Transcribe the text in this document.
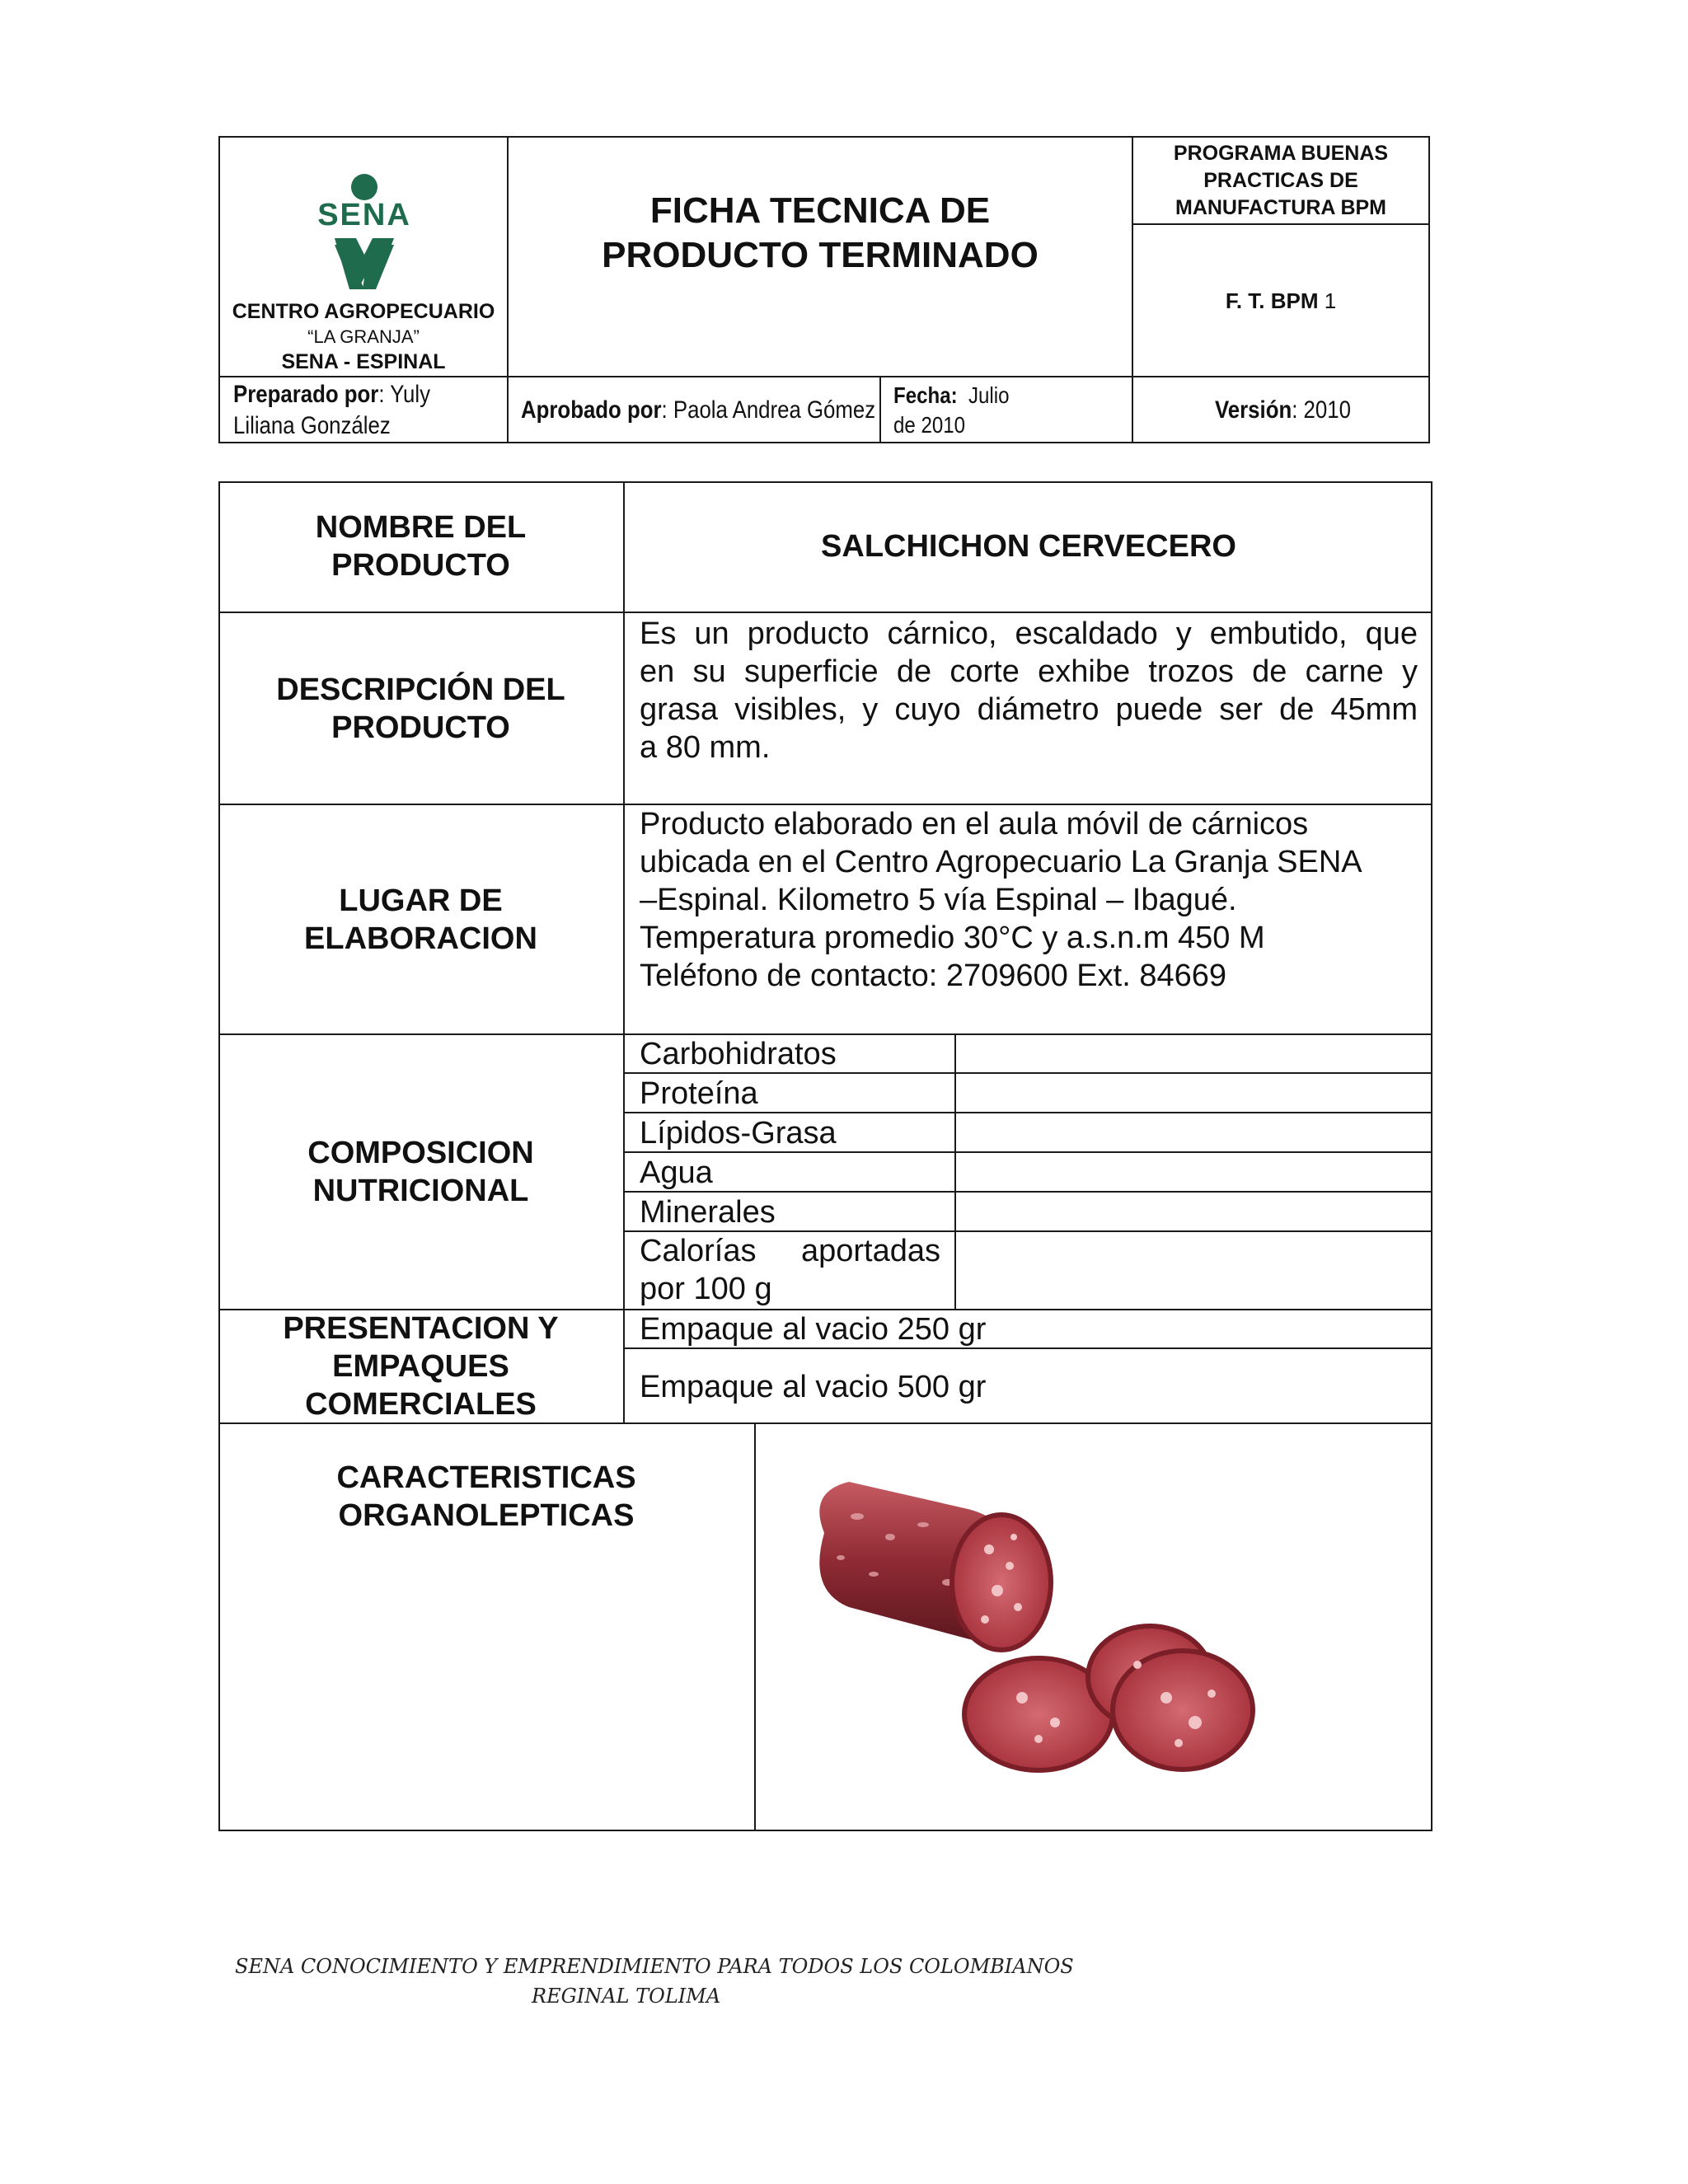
SENA
CENTRO AGROPECUARIO
“LA GRANJA”
SENA - ESPINAL
FICHA TECNICA DE
PRODUCTO TERMINADO
PROGRAMA BUENAS
PRACTICAS DE
MANUFACTURA BPM
F. T. BPM 1
Preparado por: Yuly
Liliana González
Aprobado por: Paola Andrea Gómez
Fecha: Julio
de 2010
Versión: 2010
NOMBRE DEL
PRODUCTO
SALCHICHON CERVECERO
DESCRIPCIÓN DEL
PRODUCTO
Es un producto cárnico, escaldado y embutido, que
en su superficie de corte exhibe trozos de carne y
grasa visibles, y cuyo diámetro puede ser de 45mm
a 80 mm.
LUGAR DE
ELABORACION
Producto elaborado en el aula móvil de cárnicos
ubicada en el Centro Agropecuario La Granja SENA
–Espinal. Kilometro 5 vía Espinal – Ibagué.
Temperatura promedio 30°C y a.s.n.m 450 M
Teléfono de contacto: 2709600 Ext. 84669
COMPOSICION
NUTRICIONAL
Carbohidratos
Proteína
Lípidos-Grasa
Agua
Minerales
Calorías aportadas
por 100 g
PRESENTACION Y
EMPAQUES
COMERCIALES
Empaque al vacio 250 gr
Empaque al vacio 500 gr
CARACTERISTICAS
ORGANOLEPTICAS
SENA CONOCIMIENTO Y EMPRENDIMIENTO PARA TODOS LOS COLOMBIANOS
REGINAL TOLIMA
